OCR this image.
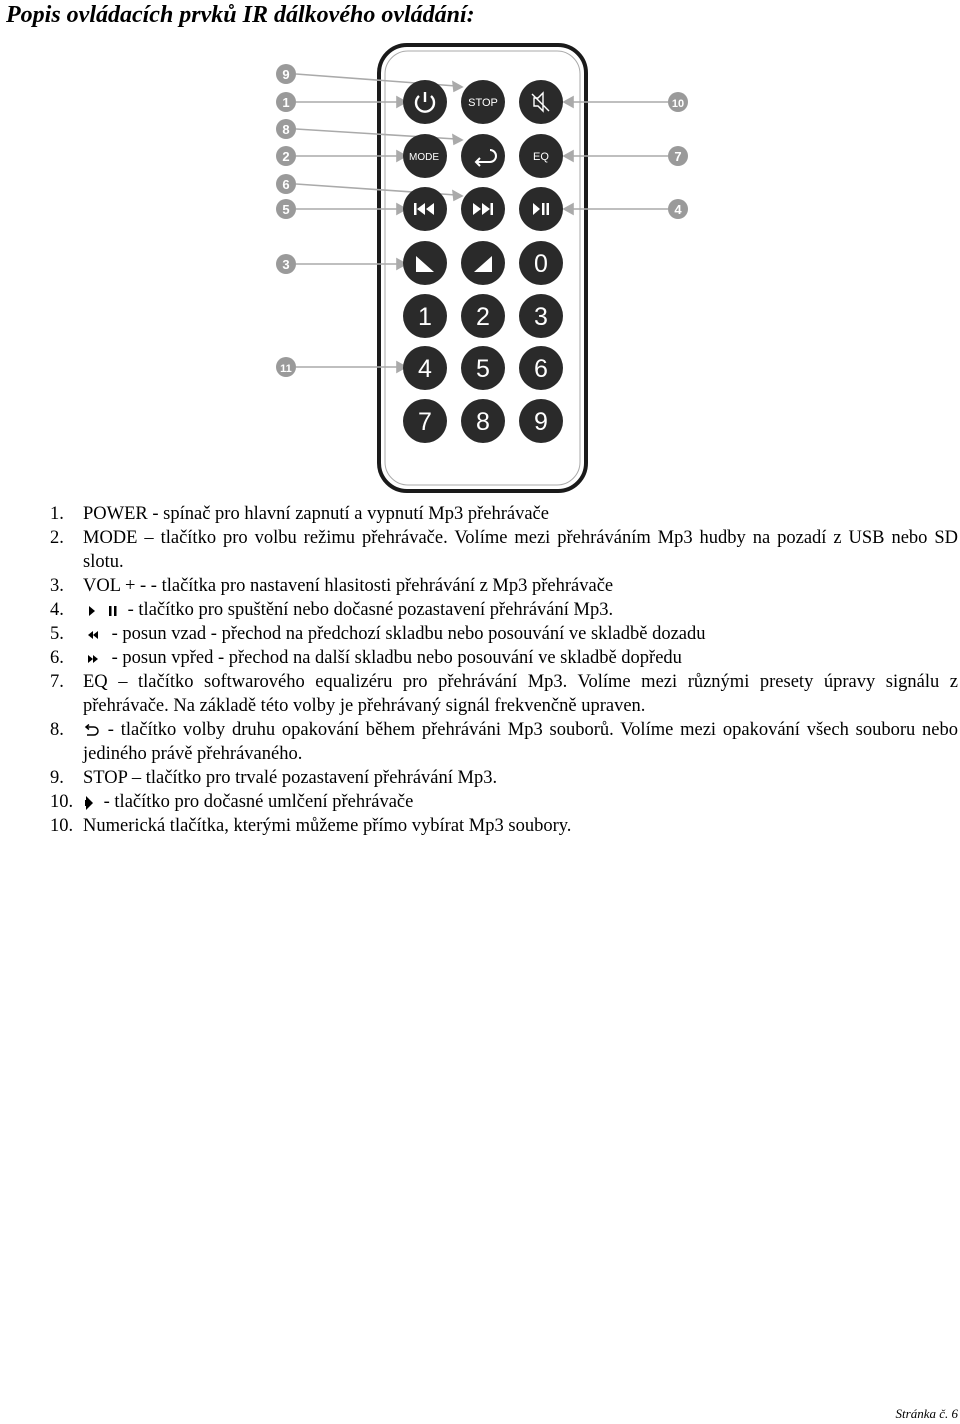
Popis ovládacích prvků IR dálkového ovládání:
9
1
8
2
6
5
3
11
10
7
4
STOP
MODE	EQ
0
1 2 3
4 5 6
7 8 9
1.	POWER - spínač pro hlavní zapnutí a vypnutí Mp3 přehrávače
2.	MODE – tlačítko pro volbu režimu přehrávače. Volíme mezi přehráváním Mp3 hudby na pozadí z USB nebo SD slotu.
3.	VOL + - - tlačítka pro nastavení hlasitosti přehrávání z Mp3 přehrávače
4.	- tlačítko pro spuštění nebo dočasné pozastavení přehrávání Mp3.
5.	- posun vzad - přechod na předchozí skladbu nebo posouvání ve skladbě dozadu
6.	- posun vpřed - přechod na další skladbu nebo posouvání ve skladbě dopředu
7.	EQ – tlačítko softwarového equalizéru pro přehrávání Mp3. Volíme mezi různými presety úpravy signálu z přehrávače. Na základě této volby je přehrávaný signál frekvenčně upraven.
8.	- tlačítko volby druhu opakování během přehráváni Mp3 souborů. Volíme mezi opakování všech souboru nebo jediného právě přehrávaného.
9.	STOP – tlačítko pro trvalé pozastavení přehrávání Mp3.
10.	- tlačítko pro dočasné umlčení přehrávače
10. Numerická tlačítka, kterými můžeme přímo vybírat Mp3 soubory.
Stránka č. 6
